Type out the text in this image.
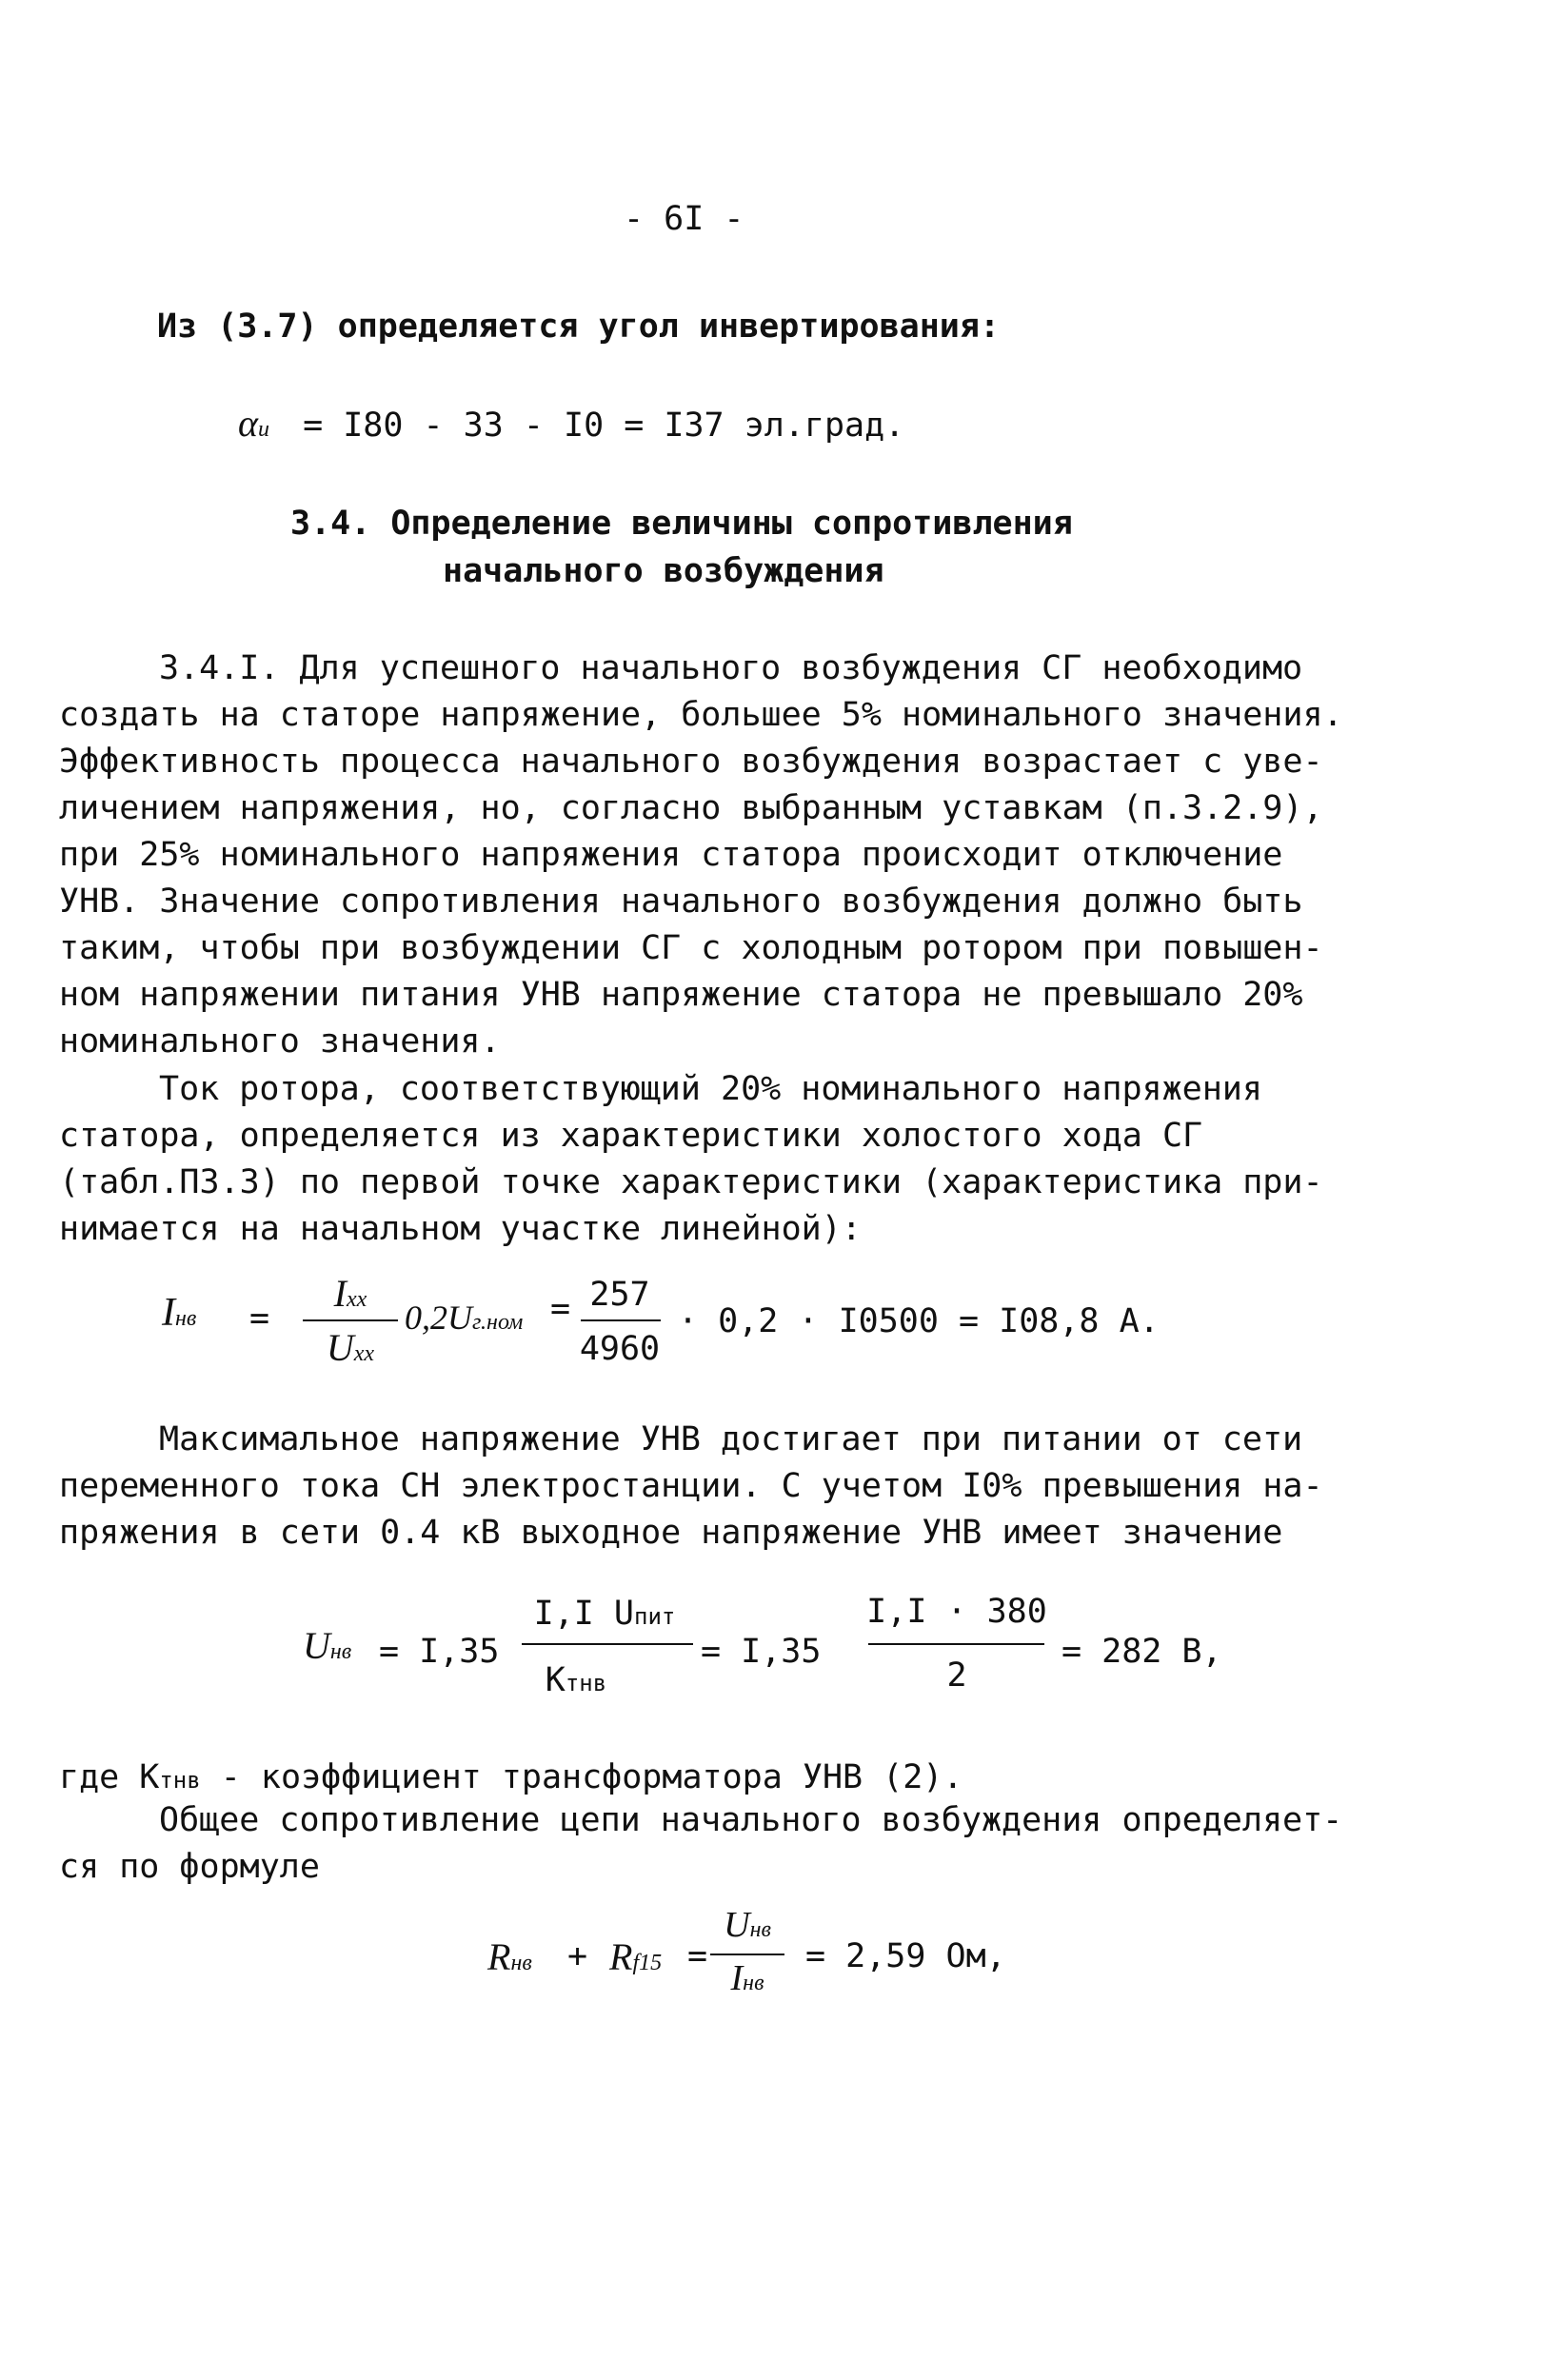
- 6I -
Из (3.7) определяется угол инвертирования:
αи = I80 - 33 - I0 = I37 эл.град.
3.4. Определение величины сопротивления
начального возбуждения
3.4.I. Для успешного начального возбуждения СГ необходимо
создать на статоре напряжение, большее 5% номинального значения.
Эффективность процесса начального возбуждения возрастает с уве-
личением напряжения, но, согласно выбранным уставкам (п.3.2.9),
при 25% номинального напряжения статора происходит отключение
УНВ. Значение сопротивления начального возбуждения должно быть
таким, чтобы при возбуждении СГ с холодным ротором при повышен-
ном напряжении питания УНВ напряжение статора не превышало 20%
номинального значения.
Ток ротора, соответствующий 20% номинального напряжения
статора, определяется из характеристики холостого хода СГ
(табл.П3.3) по первой точке характеристики (характеристика при-
нимается на начальном участке линейной):
Iнв =
Ixx
Uxx
0,2Uг.ном = 257
4960
· 0,2 · I0500 = I08,8 A.
Максимальное напряжение УНВ достигает при питании от сети
переменного тока СН электростанции. С учетом I0% превышения на-
пряжения в сети 0.4 кВ выходное напряжение УНВ имеет значение
Uнв = I,35
I,I Uпит
Ктнв
= I,35
I,I · 380
2
= 282 В,
где Ктнв - коэффициент трансформатора УНВ (2).
Общее сопротивление цепи начального возбуждения определяет-
ся по формуле
Rнв + Rf15 =
Uнв
Iнв
= 2,59 Ом,
